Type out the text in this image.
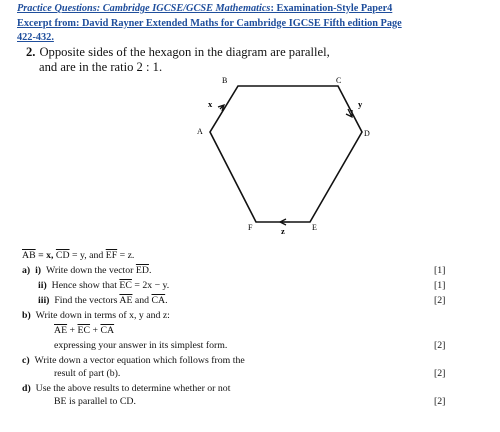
Practice Questions: Cambridge IGCSE/GCSE Mathematics: Examination-Style Paper4
Excerpt from: David Rayner Extended Maths for Cambridge IGCSE Fifth edition Page
422-432.
2. Opposite sides of the hexagon in the diagram are parallel,
and are in the ratio 2 : 1.
A
B	C
D
E
F
x	y
z
$\overline{AB} = x$, $\overline{CD} = y$, and $\overline{EF} = z$.
a) i) Write down the vector $\overline{ED}$.	[1]
ii) Hence show that $\overline{EC} = 2x - y$.	[1]
iii) Find the vectors $\overline{AE}$ and $\overline{CA}$.	[2]
b) Write down in terms of x, y and z:
$\overline{AE} + \overline{EC} + \overline{CA}$
expressing your answer in its simplest form.	[2]
c) Write down a vector equation which follows from the
result of part (b).	[2]
d) Use the above results to determine whether or not
BE is parallel to CD.	[2]
